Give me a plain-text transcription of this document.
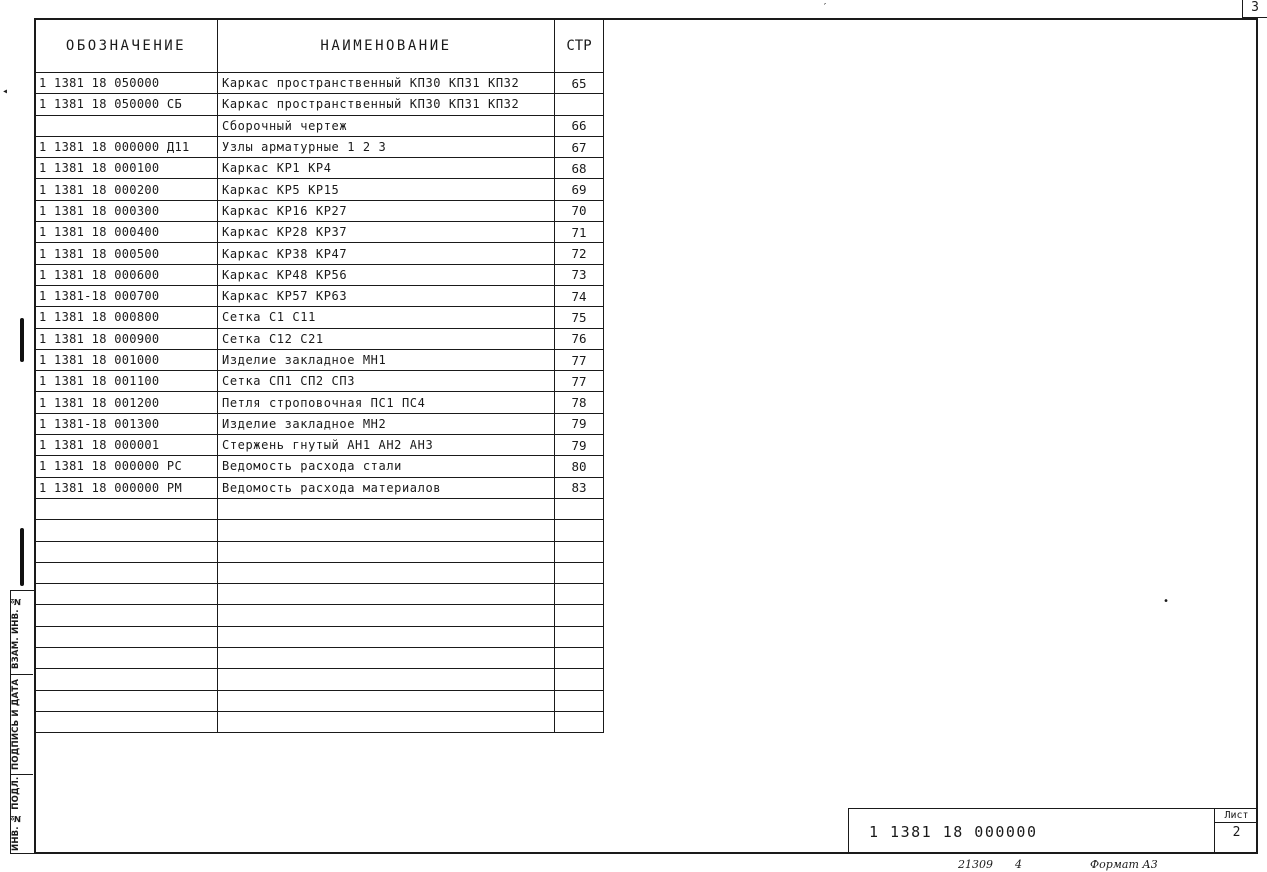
3
′
◂
•
ОБОЗНАЧЕНИЕ	НАИМЕНОВАНИЕ	СТР
1 1381 18 050000	Каркас пространственный КП30 КП31 КП32	65
1 1381 18 050000 СБ	Каркас пространственный КП30 КП31 КП32	
	Сборочный чертеж	66
1 1381 18 000000 Д11	Узлы арматурные 1 2 3	67
1 1381 18 000100	Каркас КР1 КР4	68
1 1381 18 000200	Каркас КР5 КР15	69
1 1381 18 000300	Каркас КР16 КР27	70
1 1381 18 000400	Каркас КР28 КР37	71
1 1381 18 000500	Каркас КР38 КР47	72
1 1381 18 000600	Каркас КР48 КР56	73
1 1381-18 000700	Каркас КР57 КР63	74
1 1381 18 000800	Сетка С1 С11	75
1 1381 18 000900	Сетка С12 С21	76
1 1381 18 001000	Изделие закладное МН1	77
1 1381 18 001100	Сетка СП1 СП2 СП3	77
1 1381 18 001200	Петля строповочная ПС1 ПС4	78
1 1381-18 001300	Изделие закладное МН2	79
1 1381 18 000001	Стержень гнутый АН1 АН2 АН3	79
1 1381 18 000000 РС	Ведомость расхода стали	80
1 1381 18 000000 РМ	Ведомость расхода материалов	83

ВЗАМ. ИНВ. №
ПОДПИСЬ И ДАТА
ИНВ. № ПОДЛ.	1 1381 18 000000
Лист
2
21309 4	Формат А3
